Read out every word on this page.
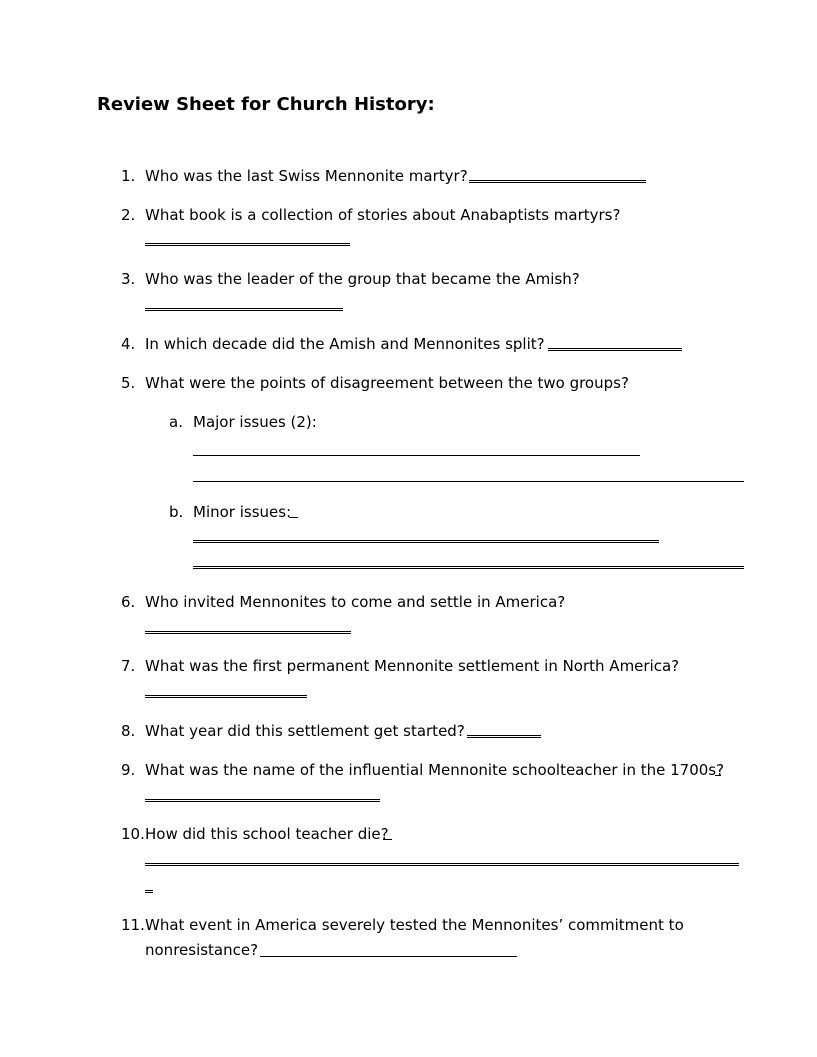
Review Sheet for Church History:
1. Who was the last Swiss Mennonite martyr?
2. What book is a collection of stories about Anabaptists martyrs?
3. Who was the leader of the group that became the Amish?
4. In which decade did the Amish and Mennonites split?
5. What were the points of disagreement between the two groups?
a. Major issues (2):
b. Minor issues:
6. Who invited Mennonites to come and settle in America?
7. What was the first permanent Mennonite settlement in North America?
8. What year did this settlement get started?
9. What was the name of the influential Mennonite schoolteacher in the 1700s?
10. How did this school teacher die?
11. What event in America severely tested the Mennonites’ commitment to
nonresistance?
